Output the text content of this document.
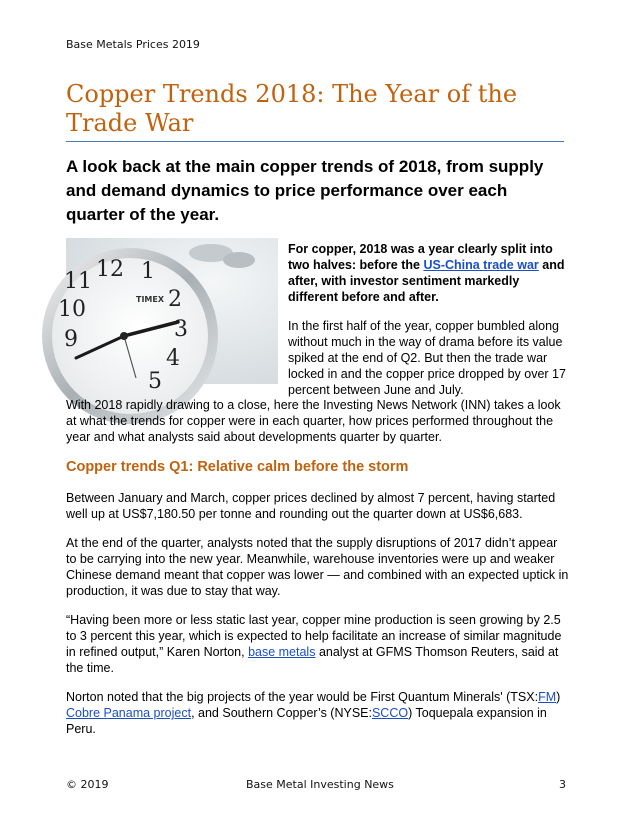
Base Metals Prices 2019
Copper Trends 2018: The Year of the Trade War
A look back at the main copper trends of 2018, from supply and demand dynamics to price performance over each quarter of the year.
12 1
TIMEX 2
3
4
5
11
10
9

For copper, 2018 was a year clearly split into two halves: before the US-China trade war and after, with investor sentiment markedly different before and after.

In the first half of the year, copper bumbled along without much in the way of drama before its value spiked at the end of Q2. But then the trade war locked in and the copper price dropped by over 17 percent between June and July.

With 2018 rapidly drawing to a close, here the Investing News Network (INN) takes a look at what the trends for copper were in each quarter, how prices performed throughout the year and what analysts said about developments quarter by quarter.

Copper trends Q1: Relative calm before the storm

Between January and March, copper prices declined by almost 7 percent, having started well up at US$7,180.50 per tonne and rounding out the quarter down at US$6,683.

At the end of the quarter, analysts noted that the supply disruptions of 2017 didn’t appear to be carrying into the new year. Meanwhile, warehouse inventories were up and weaker Chinese demand meant that copper was lower — and combined with an expected uptick in production, it was due to stay that way.

“Having been more or less static last year, copper mine production is seen growing by 2.5 to 3 percent this year, which is expected to help facilitate an increase of similar magnitude in refined output,” Karen Norton, base metals analyst at GFMS Thomson Reuters, said at the time.

Norton noted that the big projects of the year would be First Quantum Minerals' (TSX:FM) Cobre Panama project, and Southern Copper’s (NYSE:SCCO) Toquepala expansion in Peru.

© 2019	Base Metal Investing News	3
